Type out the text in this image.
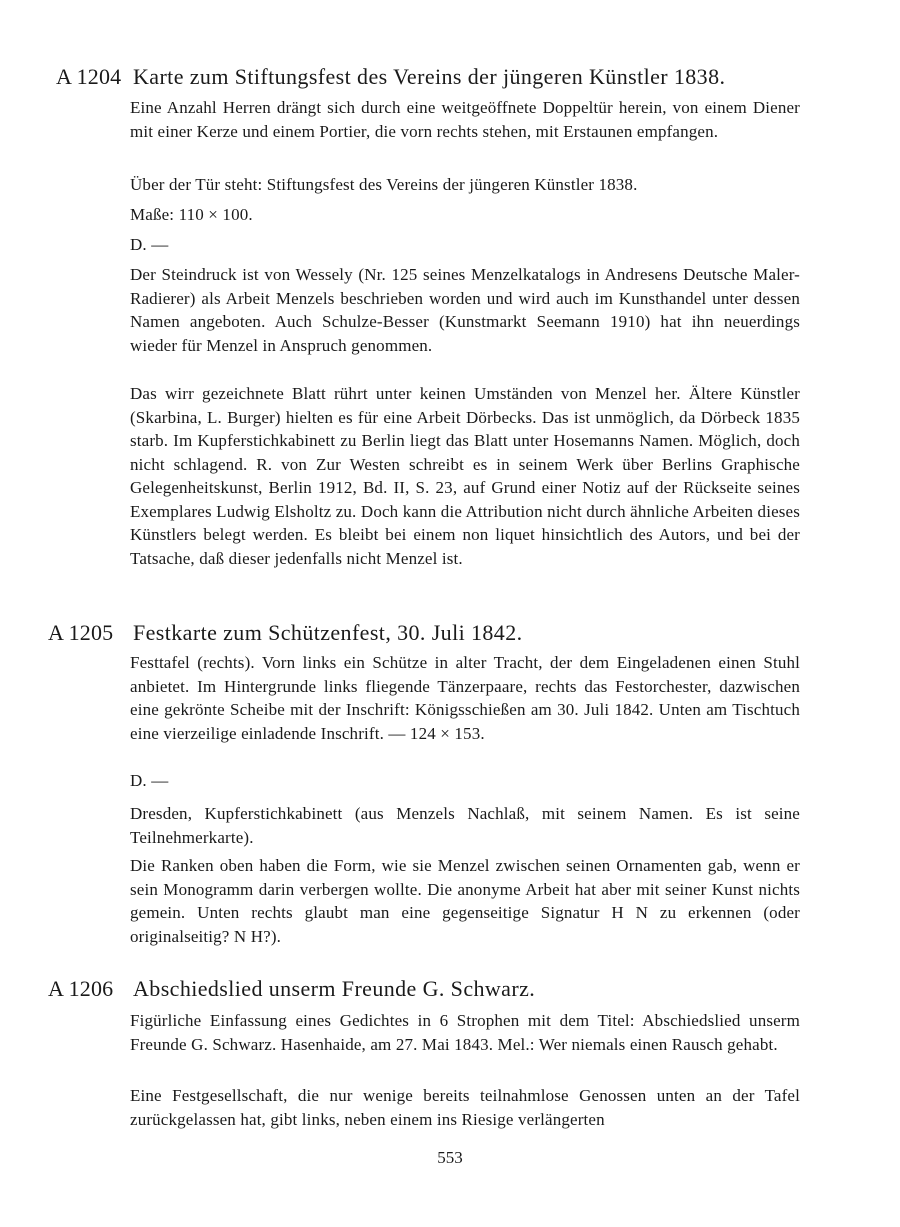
A 1204 Karte zum Stiftungsfest des Vereins der jüngeren Künstler 1838.

Eine Anzahl Herren drängt sich durch eine weitgeöffnete Doppeltür herein, von einem Diener mit einer Kerze und einem Portier, die vorn rechts stehen, mit Erstaunen empfangen.

Über der Tür steht: Stiftungsfest des Vereins der jüngeren Künstler 1838.

Maße: 110 × 100.

D. —

Der Steindruck ist von Wessely (Nr. 125 seines Menzelkatalogs in Andresens Deutsche Maler-Radierer) als Arbeit Menzels beschrieben worden und wird auch im Kunsthandel unter dessen Namen angeboten. Auch Schulze-Besser (Kunstmarkt Seemann 1910) hat ihn neuerdings wieder für Menzel in Anspruch genommen.

Das wirr gezeichnete Blatt rührt unter keinen Umständen von Menzel her. Ältere Künstler (Skarbina, L. Burger) hielten es für eine Arbeit Dörbecks. Das ist unmöglich, da Dörbeck 1835 starb. Im Kupferstichkabinett zu Berlin liegt das Blatt unter Hosemanns Namen. Möglich, doch nicht schlagend. R. von Zur Westen schreibt es in seinem Werk über Berlins Graphische Gelegenheitskunst, Berlin 1912, Bd. II, S. 23, auf Grund einer Notiz auf der Rückseite seines Exemplares Ludwig Elsholtz zu. Doch kann die Attribution nicht durch ähnliche Arbeiten dieses Künstlers belegt werden. Es bleibt bei einem non liquet hinsichtlich des Autors, und bei der Tatsache, daß dieser jedenfalls nicht Menzel ist.

A 1205 Festkarte zum Schützenfest, 30. Juli 1842.

Festtafel (rechts). Vorn links ein Schütze in alter Tracht, der dem Eingeladenen einen Stuhl anbietet. Im Hintergrunde links fliegende Tänzerpaare, rechts das Festorchester, dazwischen eine gekrönte Scheibe mit der Inschrift: Königsschießen am 30. Juli 1842. Unten am Tischtuch eine vierzeilige einladende Inschrift. — 124 × 153.

D. —

Dresden, Kupferstichkabinett (aus Menzels Nachlaß, mit seinem Namen. Es ist seine Teilnehmerkarte).

Die Ranken oben haben die Form, wie sie Menzel zwischen seinen Ornamenten gab, wenn er sein Monogramm darin verbergen wollte. Die anonyme Arbeit hat aber mit seiner Kunst nichts gemein. Unten rechts glaubt man eine gegenseitige Signatur H N zu erkennen (oder originalseitig? N H?).

A 1206 Abschiedslied unserm Freunde G. Schwarz.

Figürliche Einfassung eines Gedichtes in 6 Strophen mit dem Titel: Abschiedslied unserm Freunde G. Schwarz. Hasenhaide, am 27. Mai 1843. Mel.: Wer niemals einen Rausch gehabt.

Eine Festgesellschaft, die nur wenige bereits teilnahmlose Genossen unten an der Tafel zurückgelassen hat, gibt links, neben einem ins Riesige verlängerten

553
